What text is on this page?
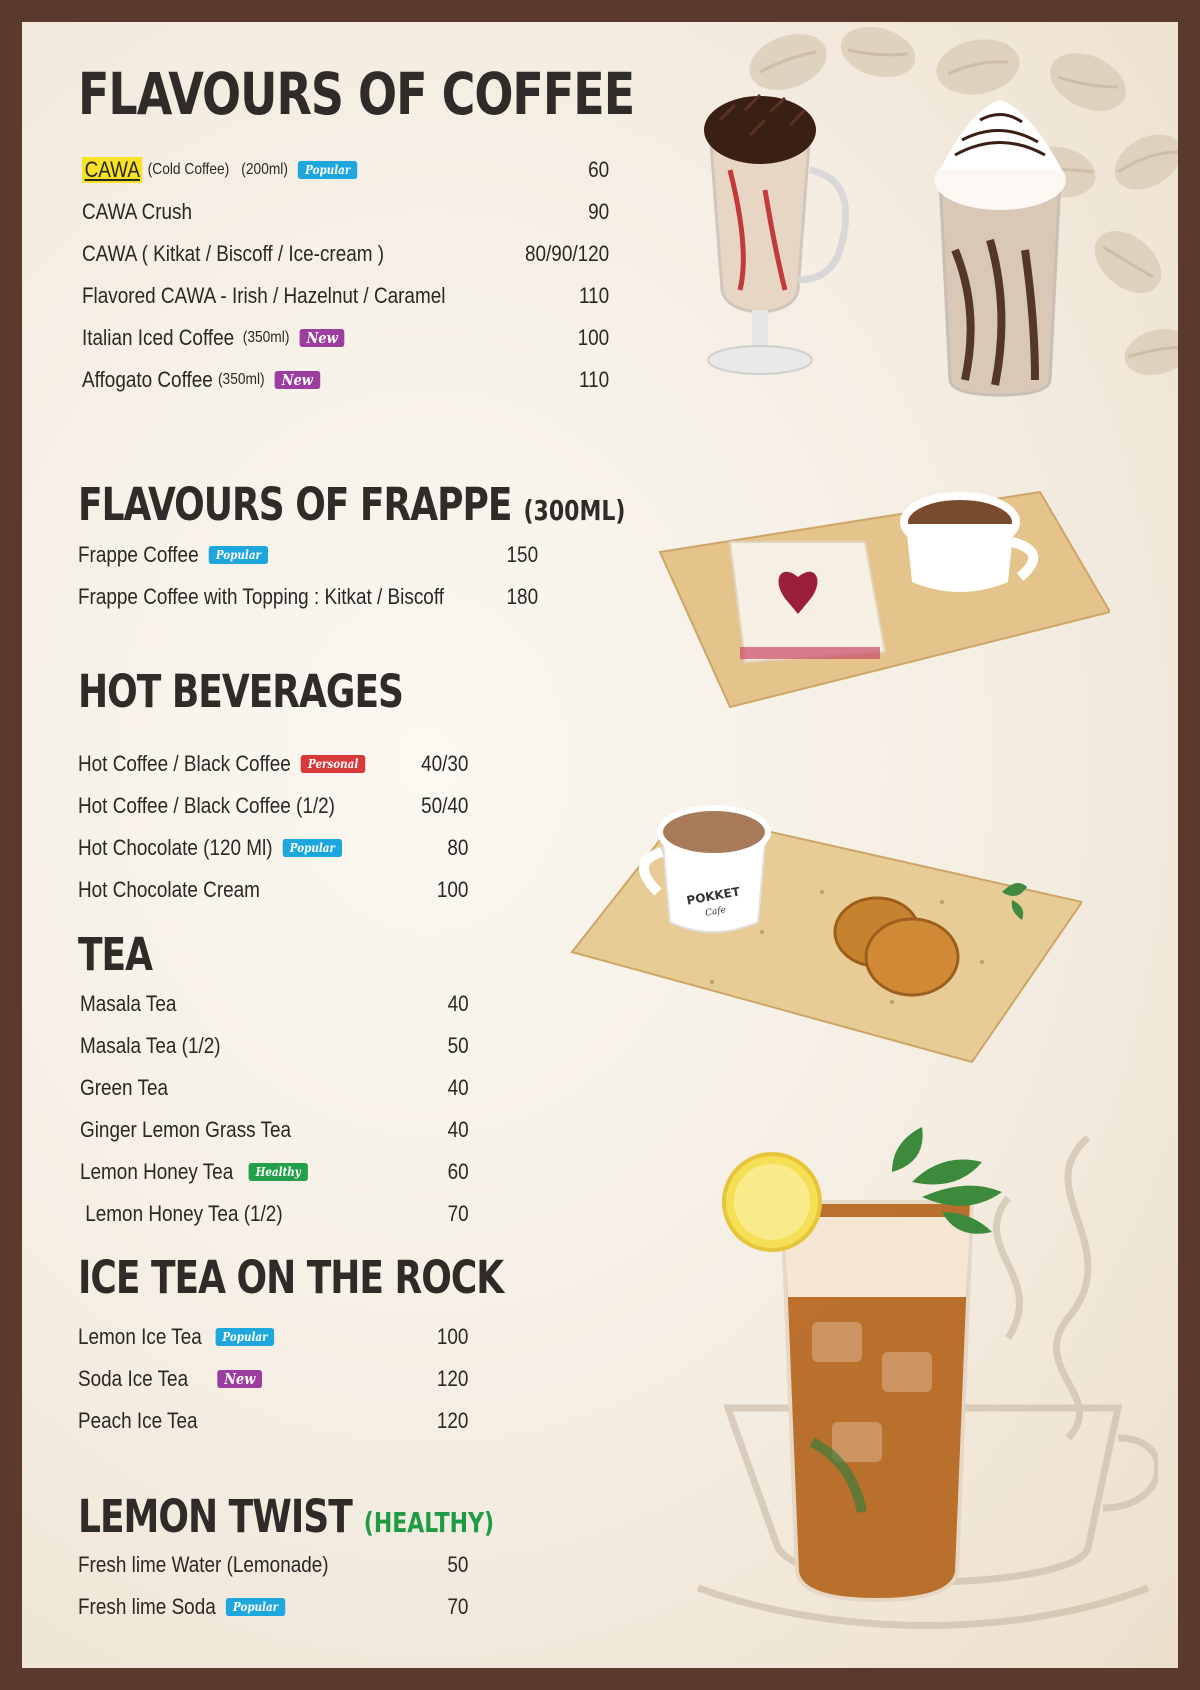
FLAVOURS OF COFFEE
CAWA (Cold Coffee) (200ml)	Popular	60
CAWA Crush	90
CAWA ( Kitkat / Biscoff / Ice-cream )	80/90/120
Flavored CAWA - Irish / Hazelnut / Caramel	110
Italian Iced Coffee (350ml)	New	100
Affogato Coffee (350ml)	New	110
FLAVOURS OF FRAPPE (300ML)
Frappe Coffee	Popular	150
Frappe Coffee with Topping : Kitkat / Biscoff	180
HOT BEVERAGES
Hot Coffee / Black Coffee	Personal	40/30
Hot Coffee / Black Coffee (1/2)	50/40
Hot Chocolate (120 Ml)	Popular	80
Hot Chocolate Cream	100
TEA
Masala Tea	40
Masala Tea (1/2)	50
Green Tea	40
Ginger Lemon Grass Tea	40
Lemon Honey Tea	Healthy	60
Lemon Honey Tea (1/2)	70
ICE TEA ON THE ROCK
Lemon Ice Tea	Popular	100
Soda Ice Tea	New	120
Peach Ice Tea	120
LEMON TWIST (HEALTHY)
Fresh lime Water (Lemonade)	50
Fresh lime Soda	Popular	70
POKKET
Cafe
